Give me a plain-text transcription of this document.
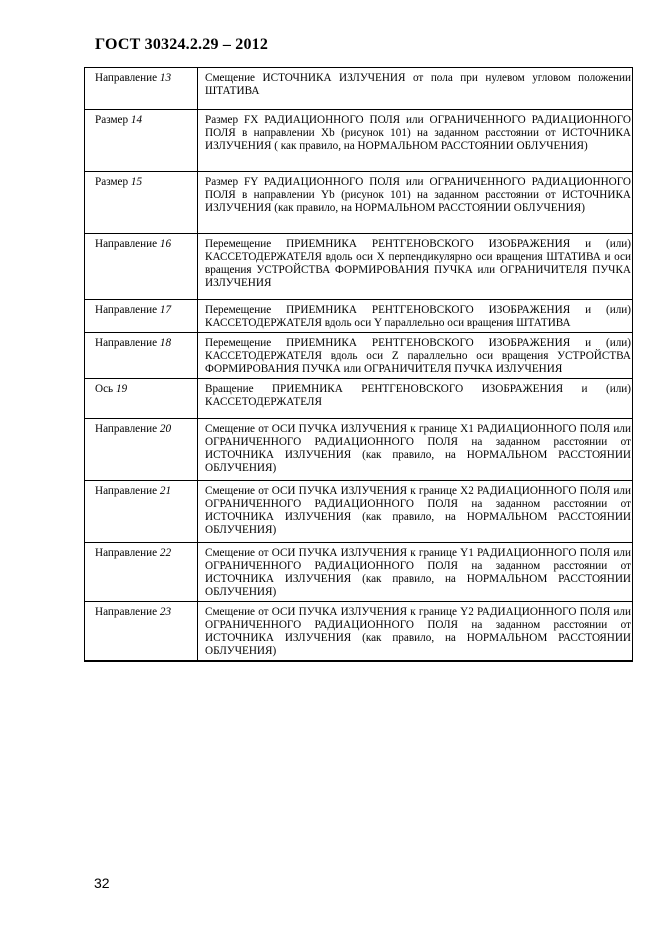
ГОСТ 30324.2.29 – 2012
Направление 13	Смещение ИСТОЧНИКА ИЗЛУЧЕНИЯ от пола при нулевом угловом положении ШТАТИВА
Размер 14	Размер FX РАДИАЦИОННОГО ПОЛЯ или ОГРАНИЧЕННОГО РАДИАЦИОННОГО ПОЛЯ в направлении Xb (рисунок 101) на заданном расстоянии от ИСТОЧНИКА ИЗЛУЧЕНИЯ ( как правило, на НОРМАЛЬНОМ РАССТОЯНИИ ОБЛУЧЕНИЯ)
Размер 15	Размер FY РАДИАЦИОННОГО ПОЛЯ или ОГРАНИЧЕННОГО РАДИАЦИОННОГО ПОЛЯ в направлении Yb (рисунок 101) на заданном расстоянии от ИСТОЧНИКА ИЗЛУЧЕНИЯ (как правило, на НОРМАЛЬНОМ РАССТОЯНИИ ОБЛУЧЕНИЯ)
Направление 16	Перемещение ПРИЕМНИКА РЕНТГЕНОВСКОГО ИЗОБРАЖЕНИЯ и (или) КАССЕТОДЕРЖАТЕЛЯ вдоль оси X перпендикулярно оси вращения ШТАТИВА и оси вращения УСТРОЙСТВА ФОРМИРОВАНИЯ ПУЧКА или ОГРАНИЧИТЕЛЯ ПУЧКА ИЗЛУЧЕНИЯ
Направление 17	Перемещение ПРИЕМНИКА РЕНТГЕНОВСКОГО ИЗОБРАЖЕНИЯ и (или) КАССЕТОДЕРЖАТЕЛЯ вдоль оси Y параллельно оси вращения ШТАТИВА
Направление 18	Перемещение ПРИЕМНИКА РЕНТГЕНОВСКОГО ИЗОБРАЖЕНИЯ и (или) КАССЕТОДЕРЖАТЕЛЯ вдоль оси Z параллельно оси вращения УСТРОЙСТВА ФОРМИРОВАНИЯ ПУЧКА или ОГРАНИЧИТЕЛЯ ПУЧКА ИЗЛУЧЕНИЯ
Ось 19	Вращение ПРИЕМНИКА РЕНТГЕНОВСКОГО ИЗОБРАЖЕНИЯ и (или) КАССЕТОДЕРЖАТЕЛЯ
Направление 20	Смещение от ОСИ ПУЧКА ИЗЛУЧЕНИЯ к границе X1 РАДИАЦИОННОГО ПОЛЯ или ОГРАНИЧЕННОГО РАДИАЦИОННОГО ПОЛЯ на заданном расстоянии от ИСТОЧНИКА ИЗЛУЧЕНИЯ (как правило, на НОРМАЛЬНОМ РАССТОЯНИИ ОБЛУЧЕНИЯ)
Направление 21	Смещение от ОСИ ПУЧКА ИЗЛУЧЕНИЯ к границе X2 РАДИАЦИОННОГО ПОЛЯ или ОГРАНИЧЕННОГО РАДИАЦИОННОГО ПОЛЯ на заданном расстоянии от ИСТОЧНИКА ИЗЛУЧЕНИЯ (как правило, на НОРМАЛЬНОМ РАССТОЯНИИ ОБЛУЧЕНИЯ)
Направление 22	Смещение от ОСИ ПУЧКА ИЗЛУЧЕНИЯ к границе Y1 РАДИАЦИОННОГО ПОЛЯ или ОГРАНИЧЕННОГО РАДИАЦИОННОГО ПОЛЯ на заданном расстоянии от ИСТОЧНИКА ИЗЛУЧЕНИЯ (как правило, на НОРМАЛЬНОМ РАССТОЯНИИ ОБЛУЧЕНИЯ)
Направление 23	Смещение от ОСИ ПУЧКА ИЗЛУЧЕНИЯ к границе Y2 РАДИАЦИОННОГО ПОЛЯ или ОГРАНИЧЕННОГО РАДИАЦИОННОГО ПОЛЯ на заданном расстоянии от ИСТОЧНИКА ИЗЛУЧЕНИЯ (как правило, на НОРМАЛЬНОМ РАССТОЯНИИ ОБЛУЧЕНИЯ)
32
